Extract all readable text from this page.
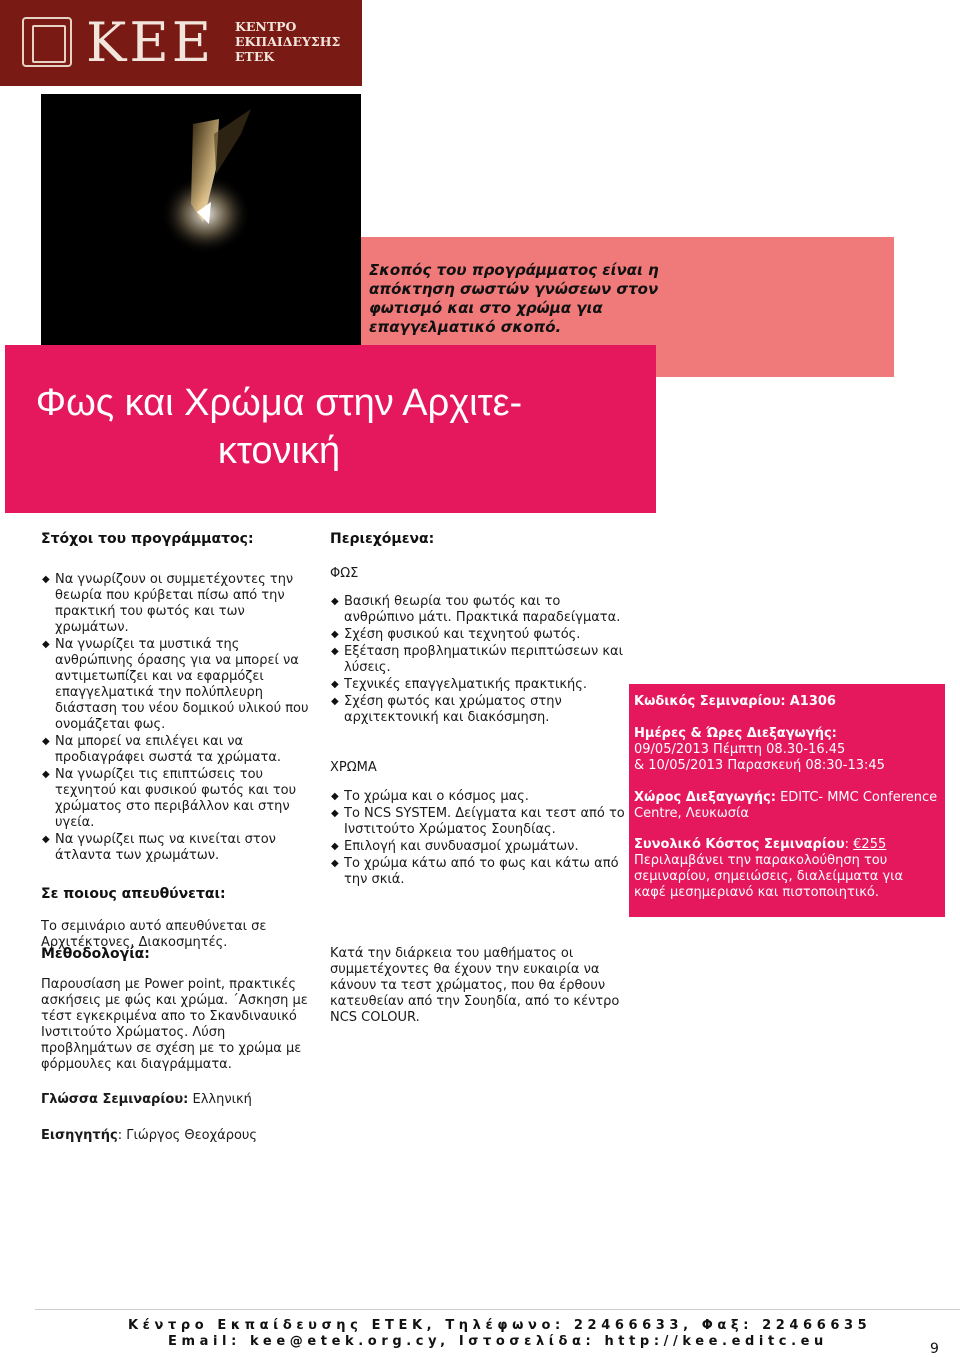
KEE ΚΕΝΤΡΟ
ΕΚΠΑΙΔΕΥΣΗΣ
ΕΤΕΚ

Σκοπός του προγράμματος είναι η απόκτηση σωστών γνώσεων στον φωτισμό και στο χρώμα για επαγγελματικό σκοπό.

Φως και Χρώμα στην Αρχιτε-
κτονική

Στόχοι του προγράμματος:

◆ Να γνωρίζουν οι συμμετέχοντες την θεωρία που κρύβεται πίσω από την πρακτική του φωτός και των χρωμάτων.
◆ Να γνωρίζει τα μυστικά της ανθρώπινης όρασης για να μπορεί να αντιμετωπίζει και να εφαρμόζει επαγγελματικά την πολύπλευρη διάσταση του νέου δομικού υλικού που ονομάζεται φως.
◆ Να μπορεί να επιλέγει και να προδιαγράφει σωστά τα χρώματα.
◆ Να γνωρίζει τις επιπτώσεις του τεχνητού και φυσικού φωτός και του χρώματος στο περιβάλλον και στην υγεία.
◆ Να γνωρίζει πως να κινείται στον άτλαντα των χρωμάτων.

Σε ποιους απευθύνεται:

Το σεμινάριο αυτό απευθύνεται σε Αρχιτέκτονες, Διακοσμητές.

Περιεχόμενα:

ΦΩΣ

◆ Βασική θεωρία του φωτός και το ανθρώπινο μάτι. Πρακτικά παραδείγματα.
◆ Σχέση φυσικού και τεχνητού φωτός.
◆ Εξέταση προβληματικών περιπτώσεων και λύσεις.
◆ Τεχνικές επαγγελματικής πρακτικής.
◆ Σχέση φωτός και χρώματος στην αρχιτεκτονική και διακόσμηση.

ΧΡΩΜΑ

◆ Το χρώμα και ο κόσμος μας.
◆ Το NCS SYSTEM. Δείγματα και τεστ από το Ινστιτούτο Χρώματος Σουηδίας.
◆ Επιλογή και συνδυασμοί χρωμάτων.
◆ Το χρώμα κάτω από το φως και κάτω από την σκιά.
Κωδικός Σεμιναρίου: A1306
Ημέρες & Ώρες Διεξαγωγής:
09/05/2013 Πέμπτη 08.30-16.45
& 10/05/2013 Παρασκευή 08:30-13:45
Χώρος Διεξαγωγής: EDITC- MMC Conference Centre, Λευκωσία
Συνολικό Κόστος Σεμιναρίου: €255
Περιλαμβάνει την παρακολούθηση του σεμιναρίου, σημειώσεις, διαλείμματα για καφέ μεσημεριανό και πιστοποιητικό.

Μεθοδολογία:

Παρουσίαση με Power point, πρακτικές ασκήσεις με φώς και χρώμα. ΄Ασκηση με τέστ εγκεκριμένα απο το Σκανδιναυικό Ινστιτούτο Χρώματος. Λύση προβλημάτων σε σχέση με το χρώμα με φόρμουλες και διαγράμματα.

Κατά την διάρκεια του μαθήματος οι συμμετέχοντες θα έχουν την ευκαιρία να κάνουν τα τεστ χρώματος, που θα έρθουν κατευθείαν από την Σουηδία, από το κέντρο NCS COLOUR.

Γλώσσα Σεμιναρίου: Ελληνική

Εισηγητής: Γιώργος Θεοχάρους

Κέντρο Εκπαίδευσης ΕΤΕΚ, Τηλέφωνο: 22466633, Φαξ: 22466635
Email: kee@etek.org.cy, Ιστοσελίδα: http://kee.editc.eu	9
